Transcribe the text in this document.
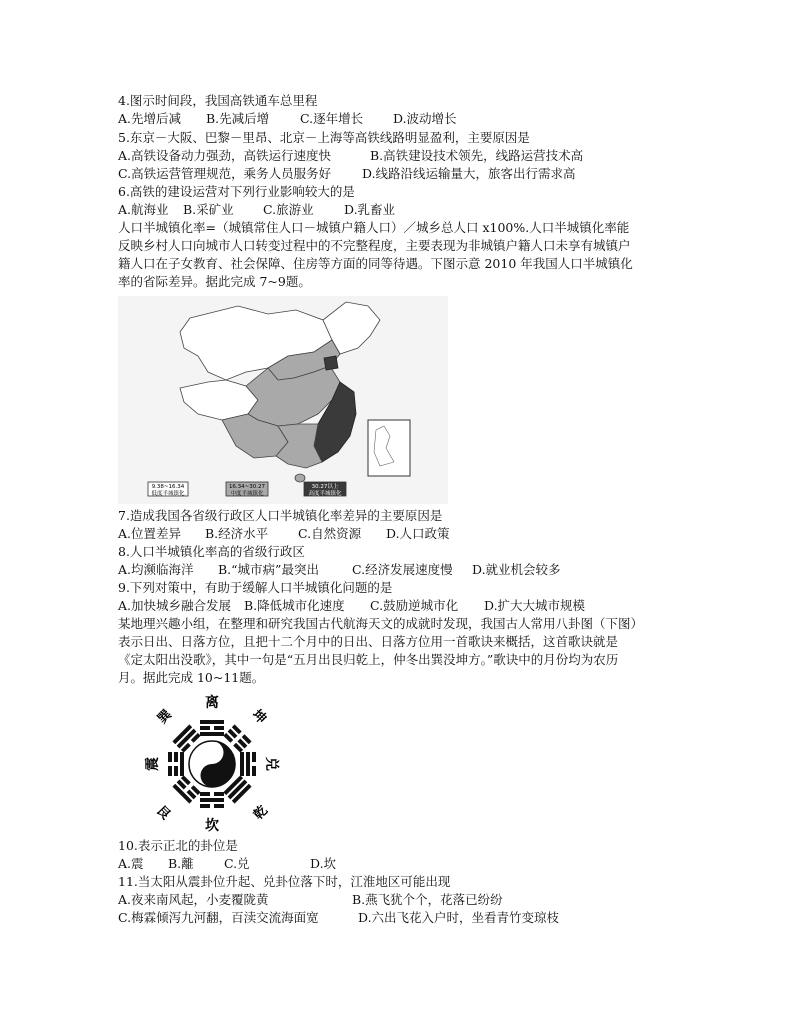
4.图示时间段，我国高铁通车总里程
A.先增后减 B.先减后增 C.逐年增长 D.波动增长
5.东京－大阪、巴黎－里昂、北京－上海等高铁线路明显盈利，主要原因是
A.高铁设备动力强劲，高铁运行速度快	B.高铁建设技术领先，线路运营技术高
C.高铁运营管理规范，乘务人员服务好 D.线路沿线运输量大，旅客出行需求高
6.高铁的建设运营对下列行业影响较大的是
A.航海业 B.采矿业 C.旅游业 D.乳畜业
人口半城镇化率=（城镇常住人口－城镇户籍人口）／城乡总人口 x100%.人口半城镇化率能
反映乡村人口向城市人口转变过程中的不完整程度，主要表现为非城镇户籍人口未享有城镇户
籍人口在子女教育、社会保障、住房等方面的同等待遇。下图示意 2010 年我国人口半城镇化
率的省际差异。据此完成 7~9题。
9.38~16.34
低度半城镇化
16.34~30.27
中度半城镇化
30.27以上
高度半城镇化
7.造成我国各省级行政区人口半城镇化率差异的主要原因是
A.位置差异 B.经济水平 C.自然资源 D.人口政策
8.人口半城镇化率高的省级行政区
A.均濒临海洋 B.“城市病”最突出	C.经济发展速度慢 D.就业机会较多
9.下列对策中，有助于缓解人口半城镇化问题的是
A.加快城乡融合发展 B.降低城市化速度 C.鼓励逆城市化 D.扩大大城市规模
某地理兴趣小组，在整理和研究我国古代航海天文的成就时发现，我国古人常用八卦图（下图）
表示日出、日落方位，且把十二个月中的日出、日落方位用一首歌诀来概括，这首歌诀就是
《定太阳出没歌》，其中一句是“五月出艮归乾上，仲冬出巽没坤方。”歌诀中的月份均为农历
月。据此完成 10~11题。
离
坎
震	兑
巽	坤
艮	乾
10.表示正北的卦位是
A.震 B.離 C.兑	D.坎
11.当太阳从震卦位升起、兑卦位落下时，江淮地区可能出现
A.夜来南风起，小麦覆陇黄	B.燕飞犹个个，花落已纷纷
C.梅霖倾泻九河翻，百渎交流海面宽	D.六出飞花入户时，坐看青竹变琼枝
